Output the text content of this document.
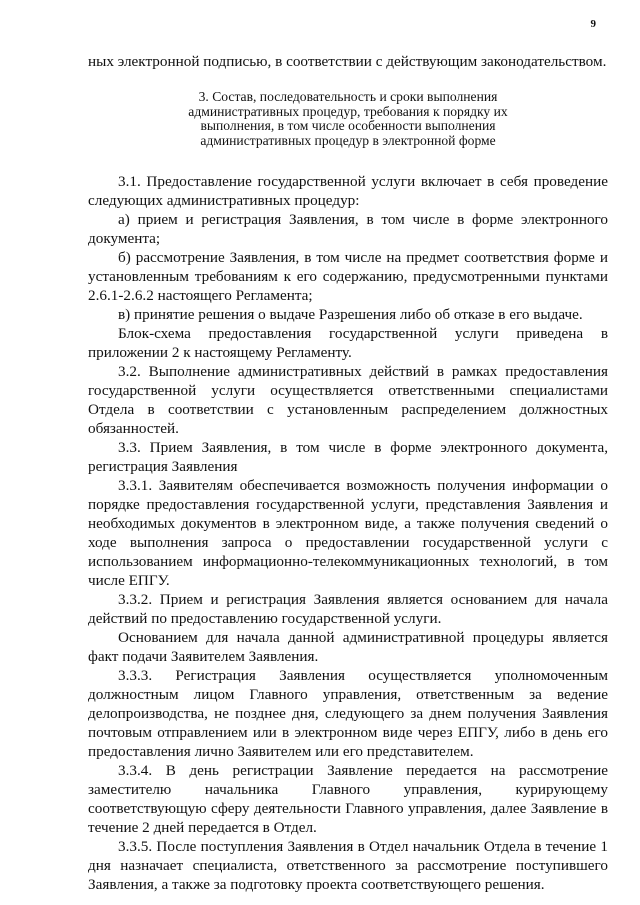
9

ных электронной подписью, в соответствии с действующим законодательством.

3. Состав, последовательность и сроки выполнения
административных процедур, требования к порядку их
выполнения, в том числе особенности выполнения
административных процедур в электронной форме

3.1. Предоставление государственной услуги включает в себя проведение следующих административных процедур:

а) прием и регистрация Заявления, в том числе в форме электронного документа;

б) рассмотрение Заявления, в том числе на предмет соответствия форме и установленным требованиям к его содержанию, предусмотренными пунктами 2.6.1-2.6.2 настоящего Регламента;

в) принятие решения о выдаче Разрешения либо об отказе в его выдаче.

Блок-схема предоставления государственной услуги приведена в приложении 2 к настоящему Регламенту.

3.2. Выполнение административных действий в рамках предоставления государственной услуги осуществляется ответственными специалистами Отдела в соответствии с установленным распределением должностных обязанностей.

3.3. Прием Заявления, в том числе в форме электронного документа, регистрация Заявления

3.3.1. Заявителям обеспечивается возможность получения информации о порядке предоставления государственной услуги, представления Заявления и необходимых документов в электронном виде, а также получения сведений о ходе выполнения запроса о предоставлении государственной услуги с использованием информационно-телекоммуникационных технологий, в том числе ЕПГУ.

3.3.2. Прием и регистрация Заявления является основанием для начала действий по предоставлению государственной услуги.

Основанием для начала данной административной процедуры является факт подачи Заявителем Заявления.

3.3.3. Регистрация Заявления осуществляется уполномоченным должностным лицом Главного управления, ответственным за ведение делопроизводства, не позднее дня, следующего за днем получения Заявления почтовым отправлением или в электронном виде через ЕПГУ, либо в день его предоставления лично Заявителем или его представителем.

3.3.4. В день регистрации Заявление передается на рассмотрение заместителю начальника Главного управления, курирующему соответствующую сферу деятельности Главного управления, далее Заявление в течение 2 дней передается в Отдел.

3.3.5. После поступления Заявления в Отдел начальник Отдела в течение 1 дня назначает специалиста, ответственного за рассмотрение поступившего Заявления, а также за подготовку проекта соответствующего решения.
